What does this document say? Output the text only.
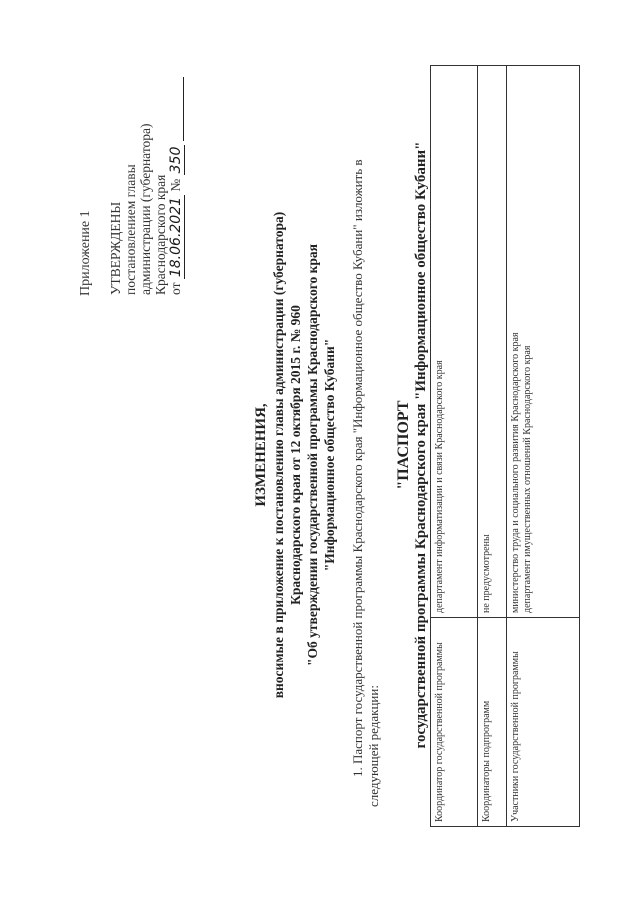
Приложение 1 УТВЕРЖДЕНЫ постановлением главы администрации (губернатора) Краснодарского края от 18.06.2021 № 350
ИЗМЕНЕНИЯ, вносимые в приложение к постановлению главы администрации (губернатора) Краснодарского края от 12 октября 2015 г. № 960 "Об утверждении государственной программы Краснодарского края "Информационное общество Кубани" 1. Паспорт государственной программы Краснодарского края "Информационное общество Кубани" изложить в следующей редакции:
"ПАСПОРТ государственной программы Краснодарского края "Информационное общество Кубани" Координатор государственной программы	департамент информатизации и связи Краснодарского края
Координаторы подпрограмм	не предусмотрены
Участники государственной программы	министерство труда и социального развития Краснодарского края департамент имущественных отношений Краснодарского края
